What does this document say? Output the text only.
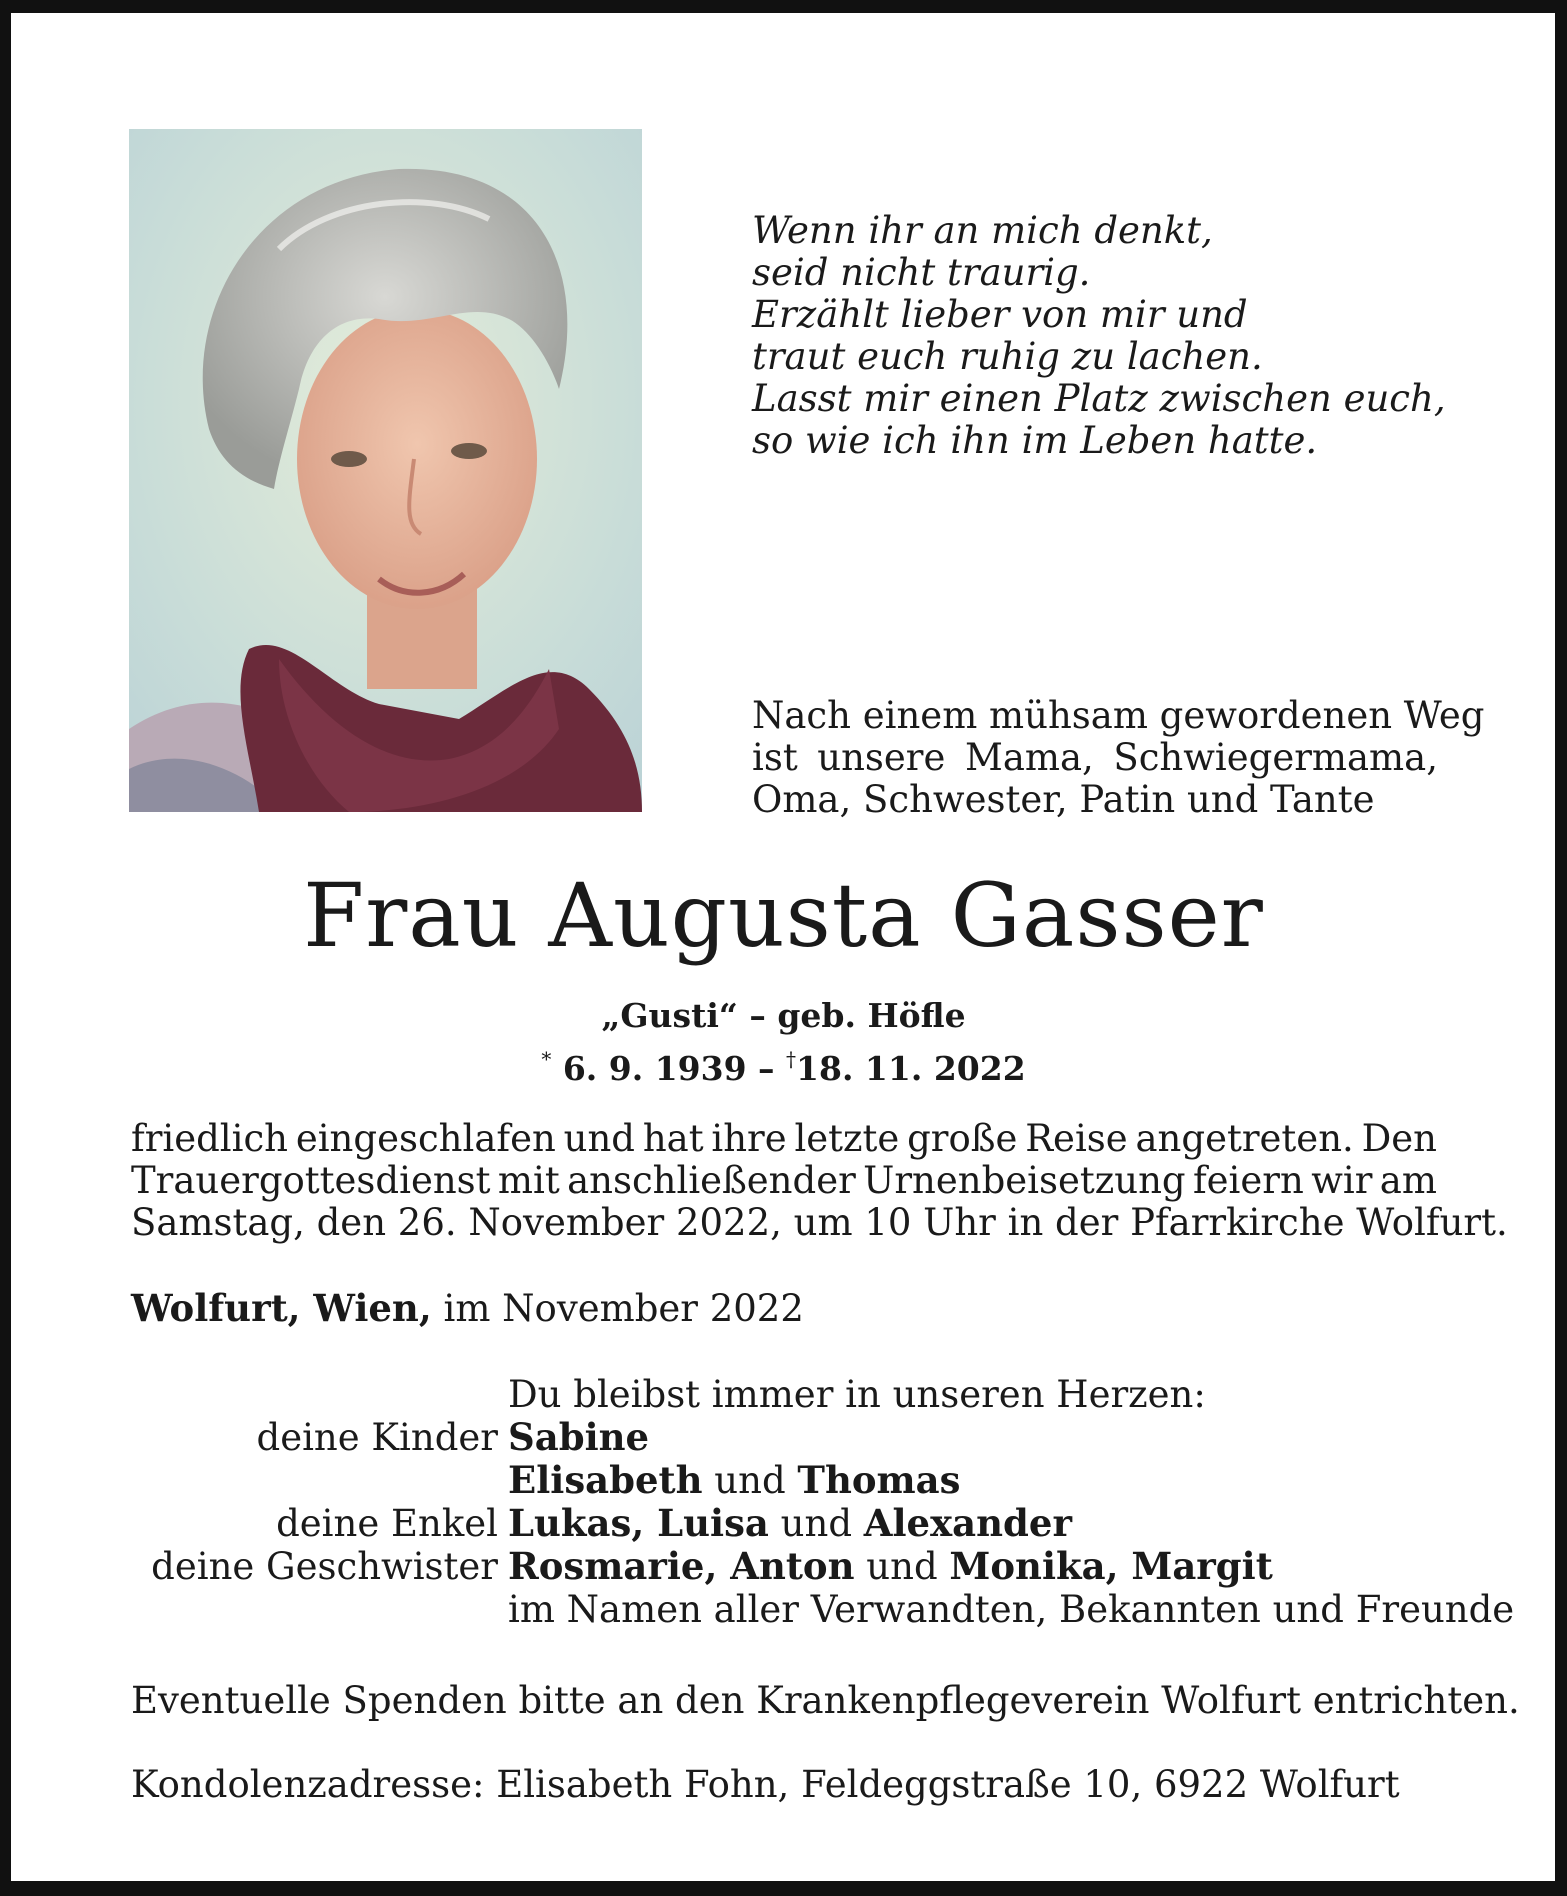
Wenn ihr an mich denkt,
seid nicht traurig.
Erzählt lieber von mir und
traut euch ruhig zu lachen.
Lasst mir einen Platz zwischen euch,
so wie ich ihn im Leben hatte.
Nach einem mühsam gewordenen Weg
ist unsere Mama, Schwiegermama,
Oma, Schwester, Patin und Tante
Frau Augusta Gasser
„Gusti“ – geb. Höfle
* 6. 9. 1939 – †18. 11. 2022
friedlich eingeschlafen und hat ihre letzte große Reise angetreten. Den
Trauergottesdienst mit anschließender Urnenbeisetzung feiern wir am
Samstag, den 26. November 2022, um 10 Uhr in der Pfarrkirche Wolfurt.
Wolfurt, Wien, im November 2022
Du bleibst immer in unseren Herzen:
deine Kinder Sabine
Elisabeth und Thomas
deine Enkel Lukas, Luisa und Alexander
deine Geschwister Rosmarie, Anton und Monika, Margit
im Namen aller Verwandten, Bekannten und Freunde
Eventuelle Spenden bitte an den Krankenpflegeverein Wolfurt entrichten.
Kondolenzadresse: Elisabeth Fohn, Feldeggstraße 10, 6922 Wolfurt
